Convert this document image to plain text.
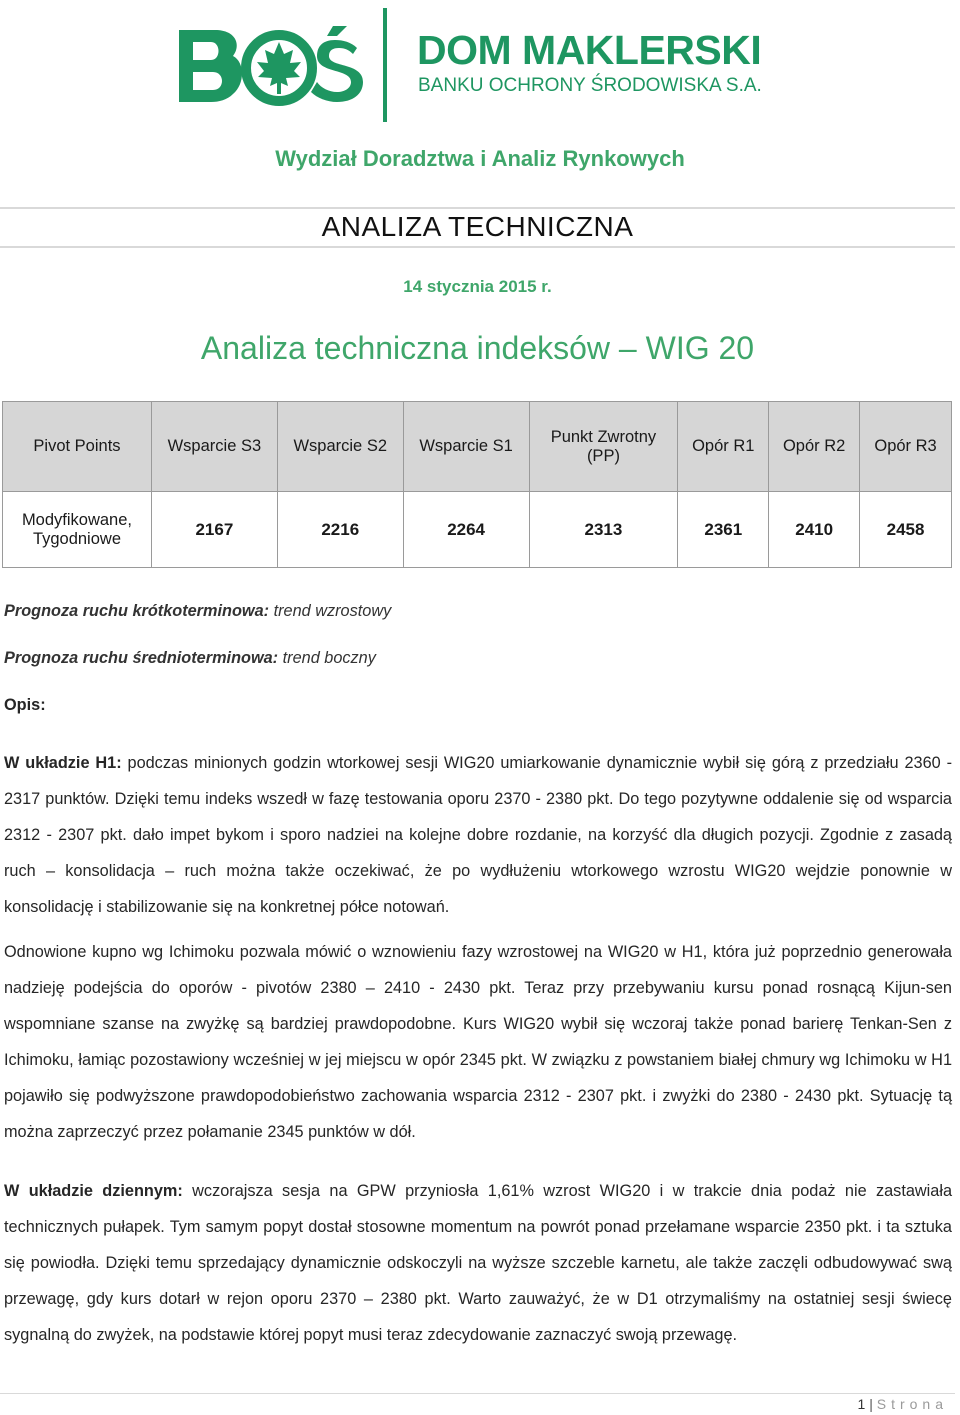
DOM MAKLERSKI
BANKU OCHRONY ŚRODOWISKA S.A.
Wydział Doradztwa i Analiz Rynkowych
ANALIZA TECHNICZNA
14 stycznia 2015 r.
Analiza techniczna indeksów – WIG 20
Pivot Points	Wsparcie S3	Wsparcie S2	Wsparcie S1	Punkt Zwrotny (PP)	Opór R1	Opór R2	Opór R3
Modyfikowane, Tygodniowe	2167	2216	2264	2313	2361	2410	2458
Prognoza ruchu krótkoterminowa: trend wzrostowy
Prognoza ruchu średnioterminowa: trend boczny
Opis:
W układzie H1: podczas minionych godzin wtorkowej sesji WIG20 umiarkowanie dynamicznie wybił się górą z przedziału 2360 - 2317 punktów. Dzięki temu indeks wszedł w fazę testowania oporu 2370 - 2380 pkt. Do tego pozytywne oddalenie się od wsparcia 2312 - 2307 pkt. dało impet bykom i sporo nadziei na kolejne dobre rozdanie, na korzyść dla długich pozycji. Zgodnie z zasadą ruch – konsolidacja – ruch można także oczekiwać, że po wydłużeniu wtorkowego wzrostu WIG20 wejdzie ponownie w konsolidację i stabilizowanie się na konkretnej półce notowań.
Odnowione kupno wg Ichimoku pozwala mówić o wznowieniu fazy wzrostowej na WIG20 w H1, która już poprzednio generowała nadzieję podejścia do oporów - pivotów 2380 – 2410 - 2430 pkt. Teraz przy przebywaniu kursu ponad rosnącą Kijun-sen wspomniane szanse na zwyżkę są bardziej prawdopodobne. Kurs WIG20 wybił się wczoraj także ponad barierę Tenkan-Sen z Ichimoku, łamiąc pozostawiony wcześniej w jej miejscu w opór 2345 pkt. W związku z powstaniem białej chmury wg Ichimoku w H1 pojawiło się podwyższone prawdopodobieństwo zachowania wsparcia 2312 - 2307 pkt. i zwyżki do 2380 - 2430 pkt. Sytuację tą można zaprzeczyć przez połamanie 2345 punktów w dół.
W układzie dziennym: wczorajsza sesja na GPW przyniosła 1,61% wzrost WIG20 i w trakcie dnia podaż nie zastawiała technicznych pułapek. Tym samym popyt dostał stosowne momentum na powrót ponad przełamane wsparcie 2350 pkt. i ta sztuka się powiodła. Dzięki temu sprzedający dynamicznie odskoczyli na wyższe szczeble karnetu, ale także zaczęli odbudowywać swą przewagę, gdy kurs dotarł w rejon oporu 2370 – 2380 pkt. Warto zauważyć, że w D1 otrzymaliśmy na ostatniej sesji świecę sygnalną do zwyżek, na podstawie której popyt musi teraz zdecydowanie zaznaczyć swoją przewagę.
1 | Strona
